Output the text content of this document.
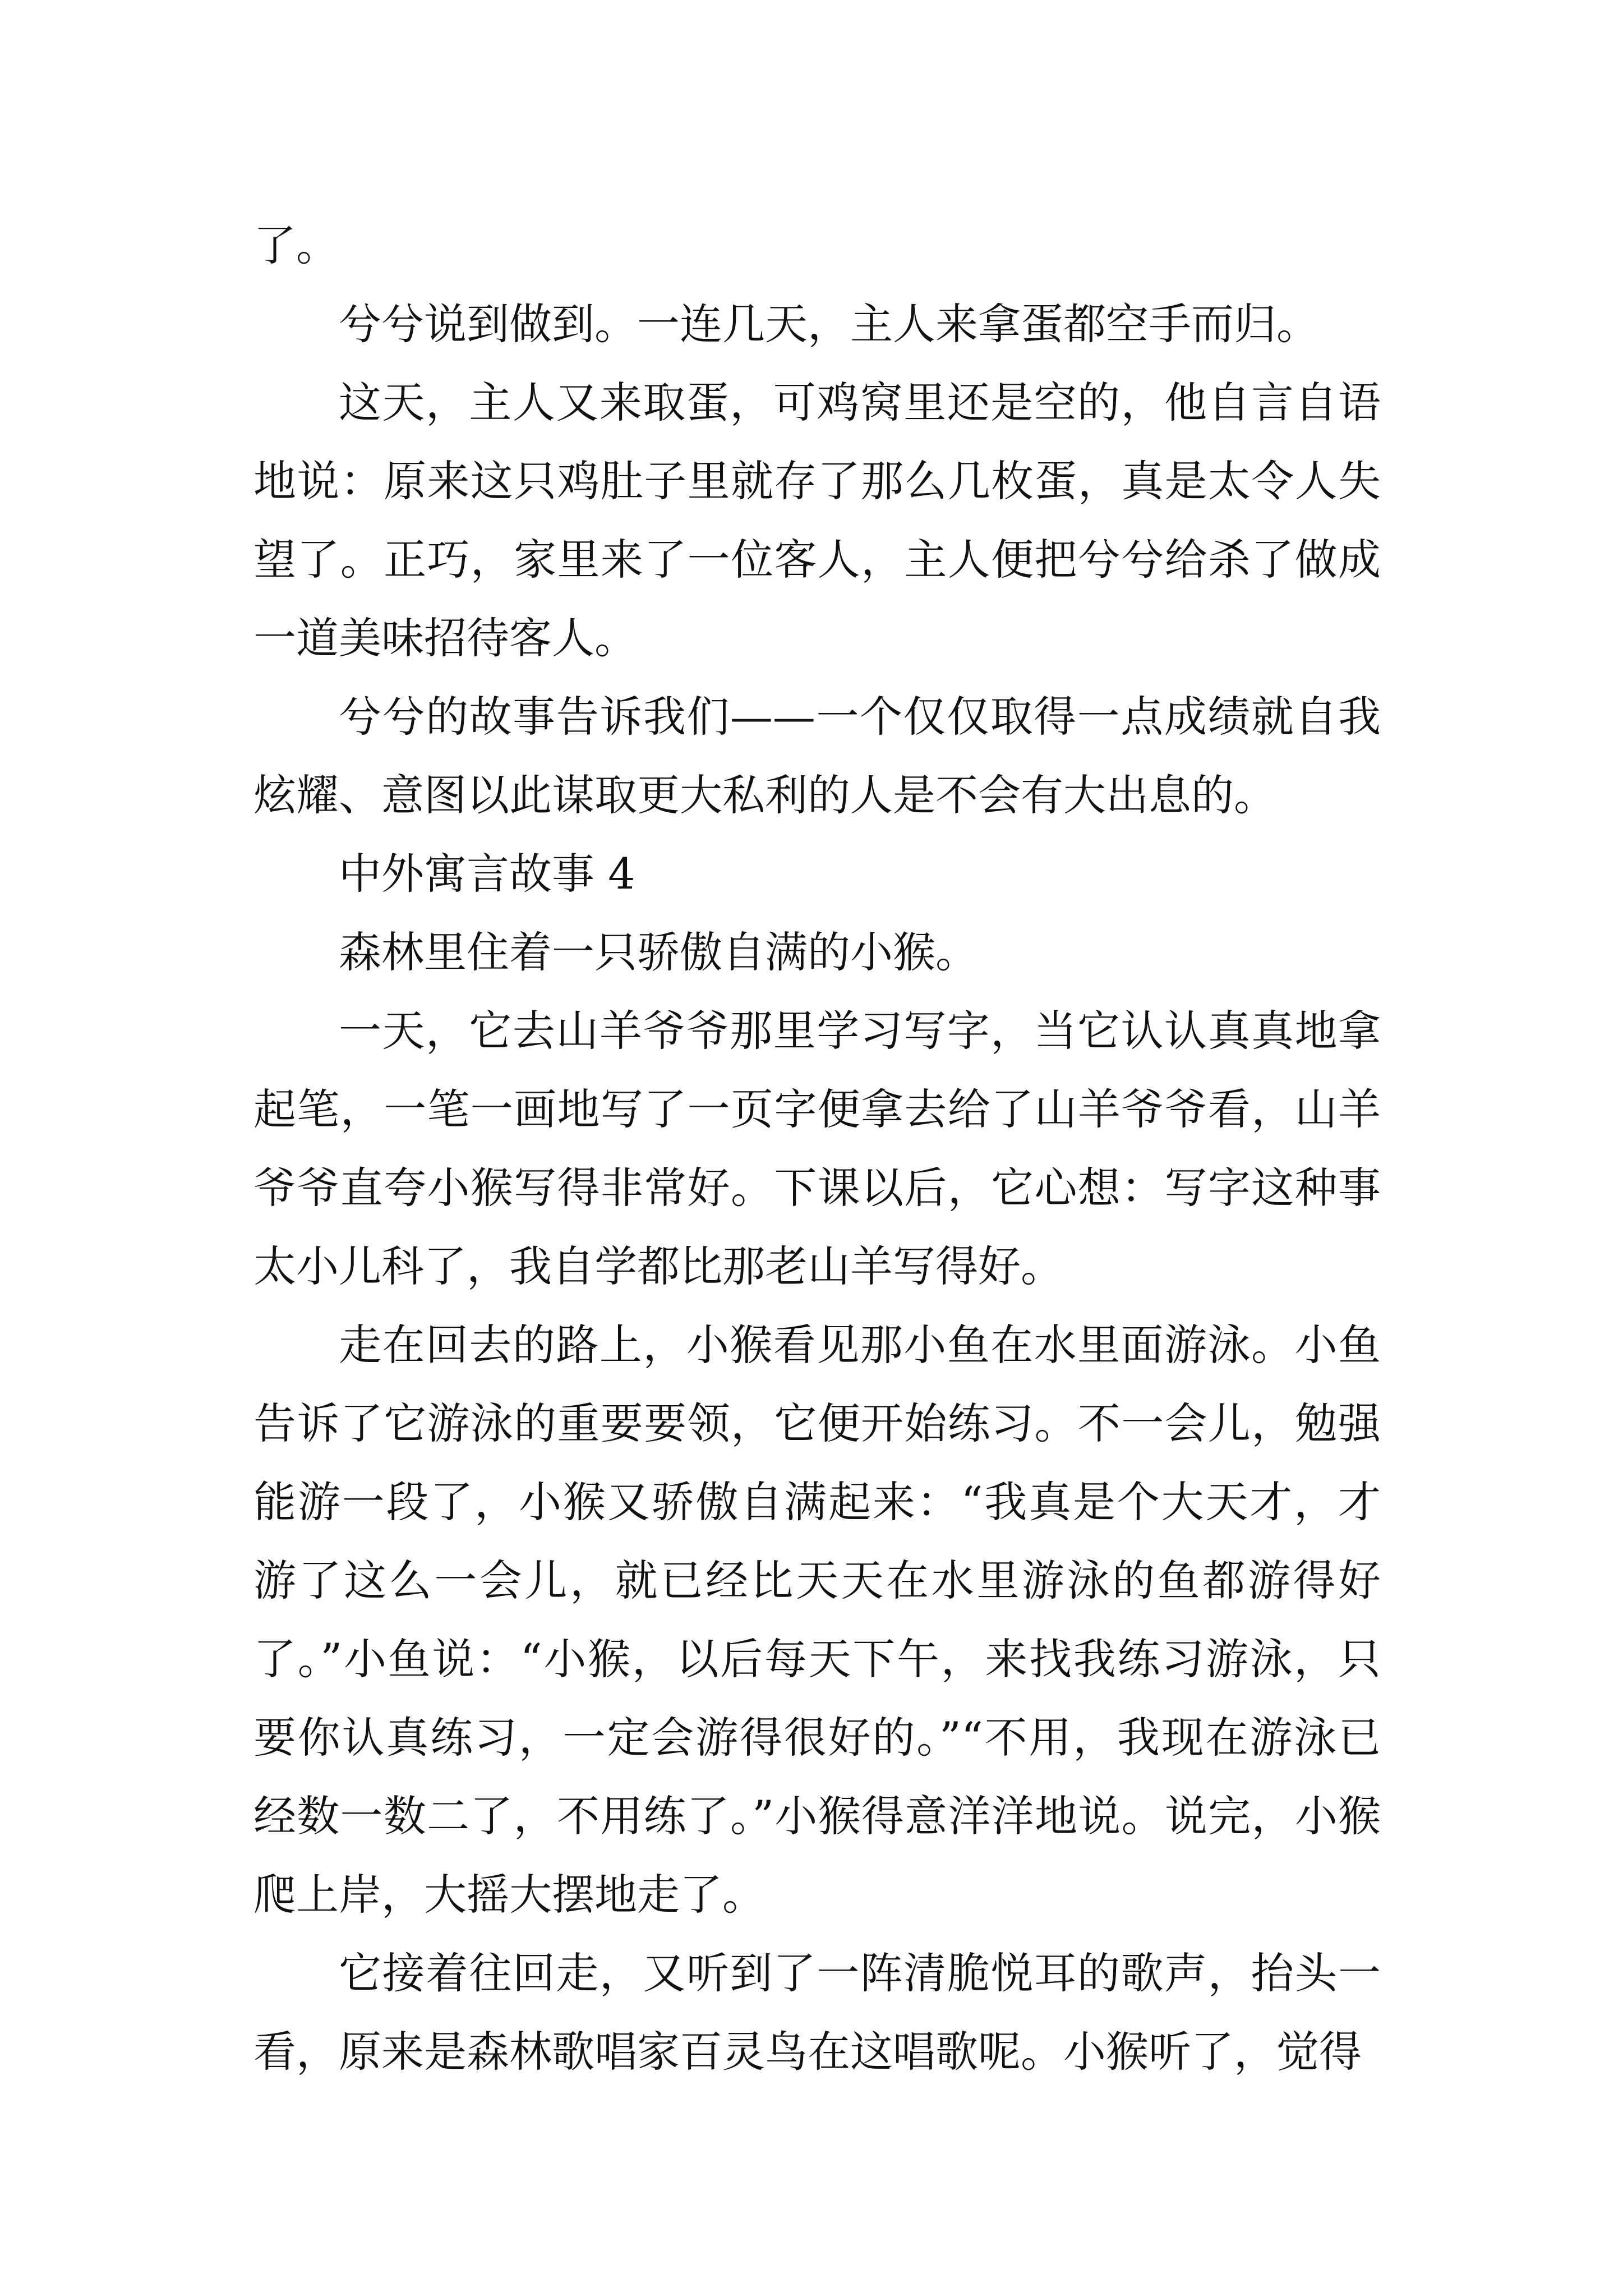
了。

兮兮说到做到。一连几天，主人来拿蛋都空手而归。

这天，主人又来取蛋，可鸡窝里还是空的，他自言自语地说：原来这只鸡肚子里就存了那么几枚蛋，真是太令人失望了。正巧，家里来了一位客人，主人便把兮兮给杀了做成一道美味招待客人。

兮兮的故事告诉我们——一个仅仅取得一点成绩就自我炫耀、意图以此谋取更大私利的人是不会有大出息的。

中外寓言故事 4

森林里住着一只骄傲自满的小猴。

一天，它去山羊爷爷那里学习写字，当它认认真真地拿起笔，一笔一画地写了一页字便拿去给了山羊爷爷看，山羊爷爷直夸小猴写得非常好。下课以后，它心想：写字这种事太小儿科了，我自学都比那老山羊写得好。

走在回去的路上，小猴看见那小鱼在水里面游泳。小鱼告诉了它游泳的重要要领，它便开始练习。不一会儿，勉强能游一段了，小猴又骄傲自满起来：“我真是个大天才，才游了这么一会儿，就已经比天天在水里游泳的鱼都游得好了。”小鱼说：“小猴，以后每天下午，来找我练习游泳，只要你认真练习，一定会游得很好的。”“不用，我现在游泳已经数一数二了，不用练了。”小猴得意洋洋地说。说完，小猴爬上岸，大摇大摆地走了。

它接着往回走，又听到了一阵清脆悦耳的歌声，抬头一看，原来是森林歌唱家百灵鸟在这唱歌呢。小猴听了，觉得
